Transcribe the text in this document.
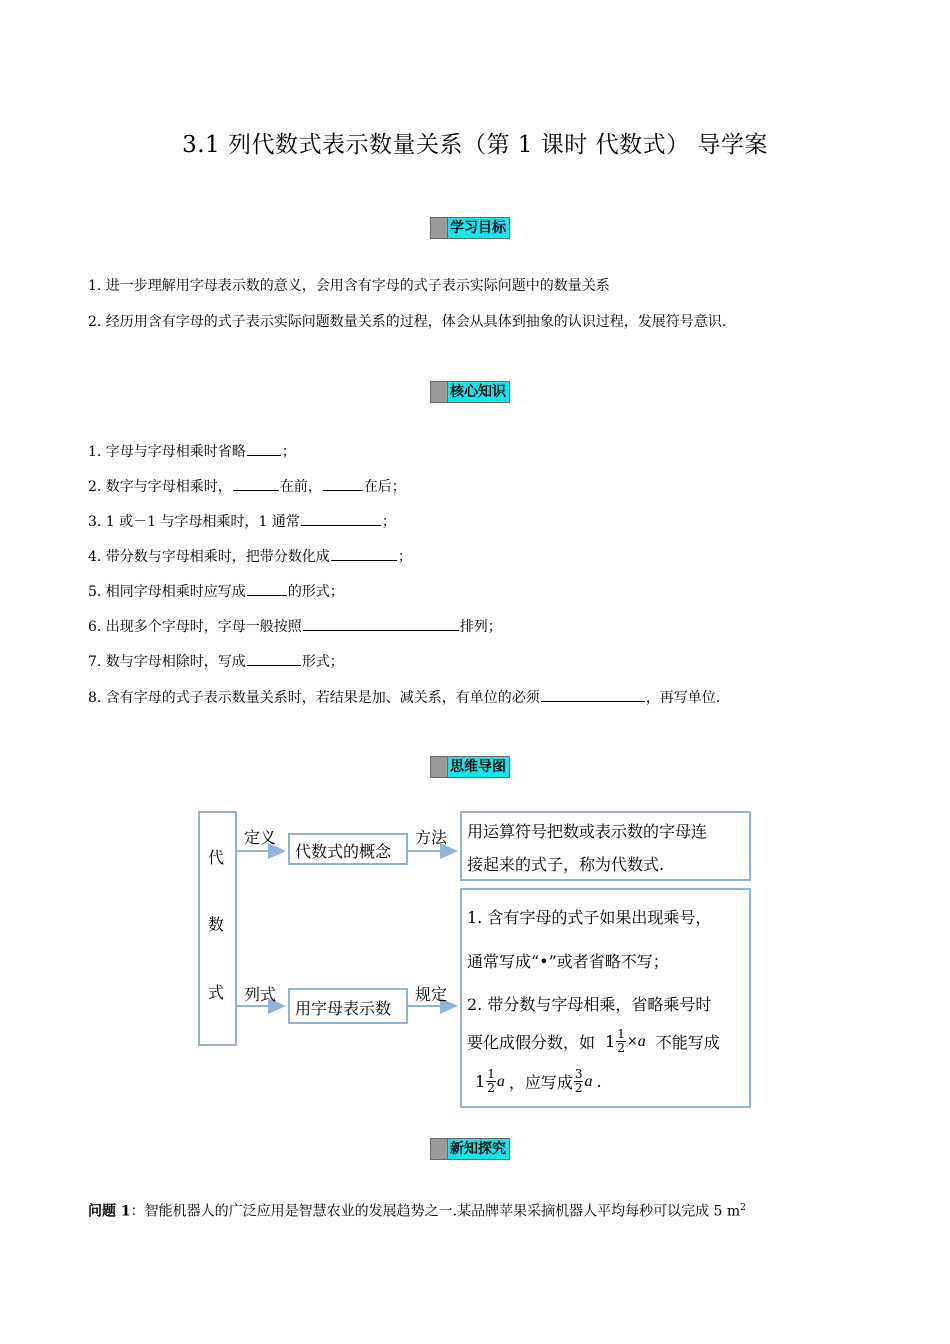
3.1 列代数式表示数量关系（第 1 课时 代数式） 导学案
学习目标
1. 进一步理解用字母表示数的意义，会用含有字母的式子表示实际问题中的数量关系
2. 经历用含有字母的式子表示实际问题数量关系的过程，体会从具体到抽象的认识过程，发展符号意识.
核心知识
1. 字母与字母相乘时省略	；
2. 数字与字母相乘时，	在前，	在后；
3. 1 或－1 与字母相乘时，1 通常	；
4. 带分数与字母相乘时，把带分数化成	；
5. 相同字母相乘时应写成	的形式；
6. 出现多个字母时，字母一般按照	排列；
7. 数与字母相除时，写成	形式；
8. 含有字母的式子表示数量关系时，若结果是加、减关系，有单位的必须	，再写单位.
思维导图
代
数
式
定义
代数式的概念
方法 用运算符号把数或表示数的字母连
接起来的式子，称为代数式.
列式
用字母表示数
规定
1. 含有字母的式子如果出现乘号，
通常写成“•”或者省略不写；
2. 带分数与字母相乘，省略乘号时
要化成假分数，如 $1 \frac{1}{2} \times a$ 不能写成
$1 \frac{1}{2}$ a ，应写成 $\frac{3}{2}$ a .
新知探究
问题 1：智能机器人的广泛应用是智慧农业的发展趋势之一.某品牌苹果采摘机器人平均每秒可以完成 5 $m^2$
